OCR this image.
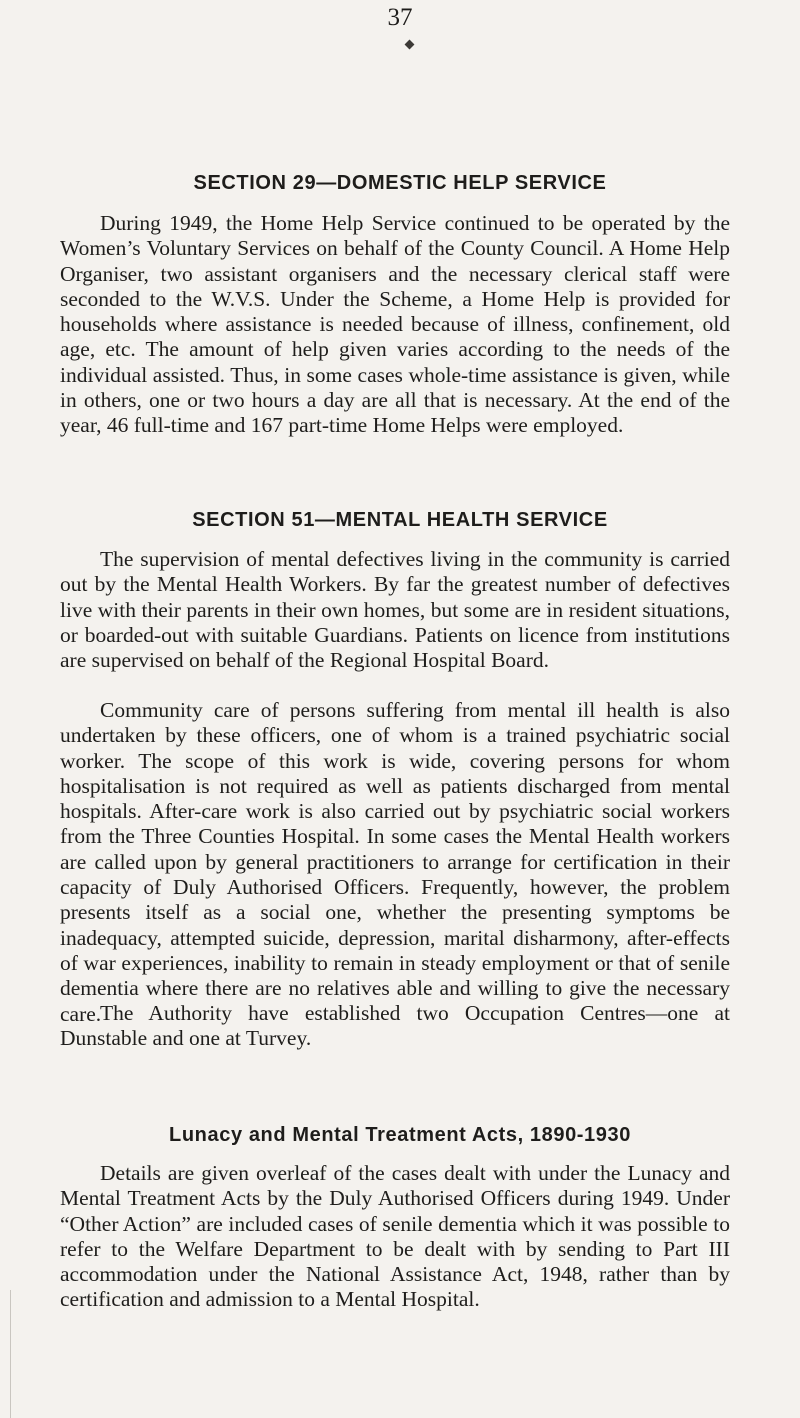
37
SECTION 29—DOMESTIC HELP SERVICE

During 1949, the Home Help Service continued to be operated by the Women’s Voluntary Services on behalf of the County Council. A Home Help Organiser, two assistant organisers and the necessary clerical staff were seconded to the W.V.S. Under the Scheme, a Home Help is provided for households where assistance is needed because of illness, confinement, old age, etc. The amount of help given varies according to the needs of the individual assisted. Thus, in some cases whole-time assistance is given, while in others, one or two hours a day are all that is necessary. At the end of the year, 46 full-time and 167 part-time Home Helps were employed.

SECTION 51—MENTAL HEALTH SERVICE

The supervision of mental defectives living in the community is carried out by the Mental Health Workers. By far the greatest number of defectives live with their parents in their own homes, but some are in resident situations, or boarded-out with suitable Guardians. Patients on licence from institutions are supervised on behalf of the Regional Hospital Board.

Community care of persons suffering from mental ill health is also undertaken by these officers, one of whom is a trained psychiatric social worker. The scope of this work is wide, covering persons for whom hospitalisation is not required as well as patients discharged from mental hospitals. After-care work is also carried out by psychiatric social workers from the Three Counties Hospital. In some cases the Mental Health workers are called upon by general practitioners to arrange for certification in their capacity of Duly Authorised Officers. Frequently, however, the problem presents itself as a social one, whether the presenting symptoms be inadequacy, attempted suicide, depression, marital disharmony, after-effects of war experiences, inability to remain in steady employment or that of senile dementia where there are no relatives able and willing to give the necessary care.

The Authority have established two Occupation Centres—one at Dunstable and one at Turvey.

Lunacy and Mental Treatment Acts, 1890-1930

Details are given overleaf of the cases dealt with under the Lunacy and Mental Treatment Acts by the Duly Authorised Officers during 1949. Under “Other Action” are included cases of senile dementia which it was possible to refer to the Welfare Department to be dealt with by sending to Part III accommodation under the National Assistance Act, 1948, rather than by certification and admission to a Mental Hospital.
